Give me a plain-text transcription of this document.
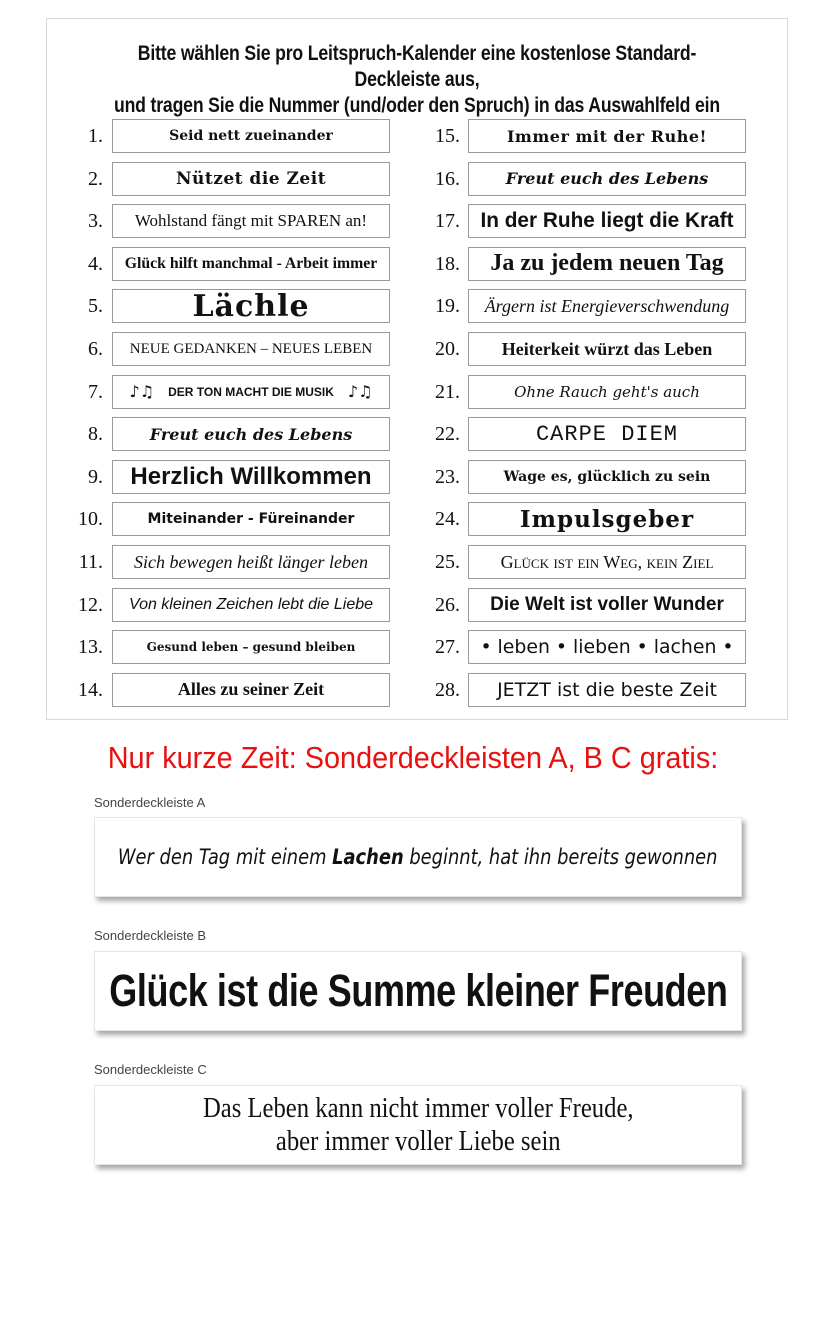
Bitte wählen Sie pro Leitspruch-Kalender eine kostenlose Standard-Deckleiste aus,
und tragen Sie die Nummer (und/oder den Spruch) in das Auswahlfeld ein
1.	Seid nett zueinander
2.	Nützet die Zeit
3. Wohlstand fängt mit SPAREN an!
4. Glück hilft manchmal - Arbeit immer
5.	Lächle
6. NEUE GEDANKEN – NEUES LEBEN
7. ♪♫ DER TON MACHT DIE MUSIK ♪♫
8.	Freut euch des Lebens
9. Herzlich Willkommen
10.	Miteinander - Füreinander
11. Sich bewegen heißt länger leben
12. Von kleinen Zeichen lebt die Liebe
13.	Gesund leben – gesund bleiben
14.	Alles zu seiner Zeit
15.	Immer mit der Ruhe!
16.	Freut euch des Lebens
17. In der Ruhe liegt die Kraft
18. Ja zu jedem neuen Tag
19. Ärgern ist Energieverschwendung
20. Heiterkeit würzt das Leben
21.	Ohne Rauch geht's auch
22.	CARPE DIEM
23.	Wage es, glücklich zu sein
24.	Impulsgeber
25. Glück ist ein Weg, kein Ziel
26. Die Welt ist voller Wunder
27. • leben • lieben • lachen •
28. JETZT ist die beste Zeit
Nur kurze Zeit: Sonderdeckleisten A, B C gratis:
Sonderdeckleiste A
Wer den Tag mit einem Lachen beginnt, hat ihn bereits gewonnen
Sonderdeckleiste B
Glück ist die Summe kleiner Freuden
Sonderdeckleiste C
Das Leben kann nicht immer voller Freude,
aber immer voller Liebe sein
